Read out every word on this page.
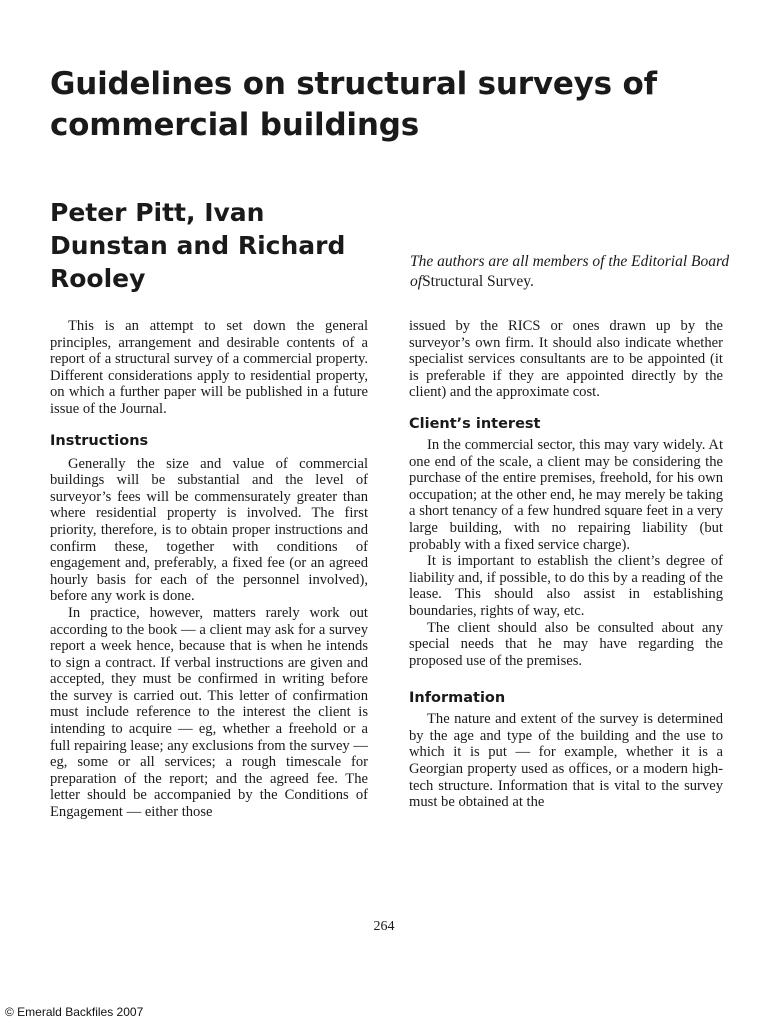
Guidelines on structural surveys of commercial buildings
Peter Pitt, Ivan Dunstan and Richard Rooley

The authors are all members of the Editorial Board ofStructural Survey.

This is an attempt to set down the general principles, arrangement and desirable contents of a report of a structural survey of a commercial property. Different considerations apply to residential property, on which a further paper will be published in a future issue of the Journal.

Instructions

Generally the size and value of commercial buildings will be substantial and the level of surveyor’s fees will be commensurately greater than where residential property is involved. The first priority, therefore, is to obtain proper instructions and confirm these, together with conditions of engagement and, preferably, a fixed fee (or an agreed hourly basis for each of the personnel involved), before any work is done.

In practice, however, matters rarely work out according to the book — a client may ask for a survey report a week hence, because that is when he intends to sign a contract. If verbal instructions are given and accepted, they must be confirmed in writing before the survey is carried out. This letter of confirmation must include reference to the interest the client is intending to acquire — eg, whether a freehold or a full repairing lease; any exclusions from the survey — eg, some or all services; a rough timescale for preparation of the report; and the agreed fee. The letter should be accompanied by the Conditions of Engagement — either those

issued by the RICS or ones drawn up by the surveyor’s own firm. It should also indicate whether specialist services consultants are to be appointed (it is preferable if they are appointed directly by the client) and the approximate cost.

Client’s interest

In the commercial sector, this may vary widely. At one end of the scale, a client may be considering the purchase of the entire premises, freehold, for his own occupation; at the other end, he may merely be taking a short tenancy of a few hundred square feet in a very large building, with no repairing liability (but probably with a fixed service charge).

It is important to establish the client’s degree of liability and, if possible, to do this by a reading of the lease. This should also assist in establishing boundaries, rights of way, etc.

The client should also be consulted about any special needs that he may have regarding the proposed use of the premises.

Information

The nature and extent of the survey is determined by the age and type of the building and the use to which it is put — for example, whether it is a Georgian property used as offices, or a modern high-tech structure. Information that is vital to the survey must be obtained at the

264

© Emerald Backfiles 2007
